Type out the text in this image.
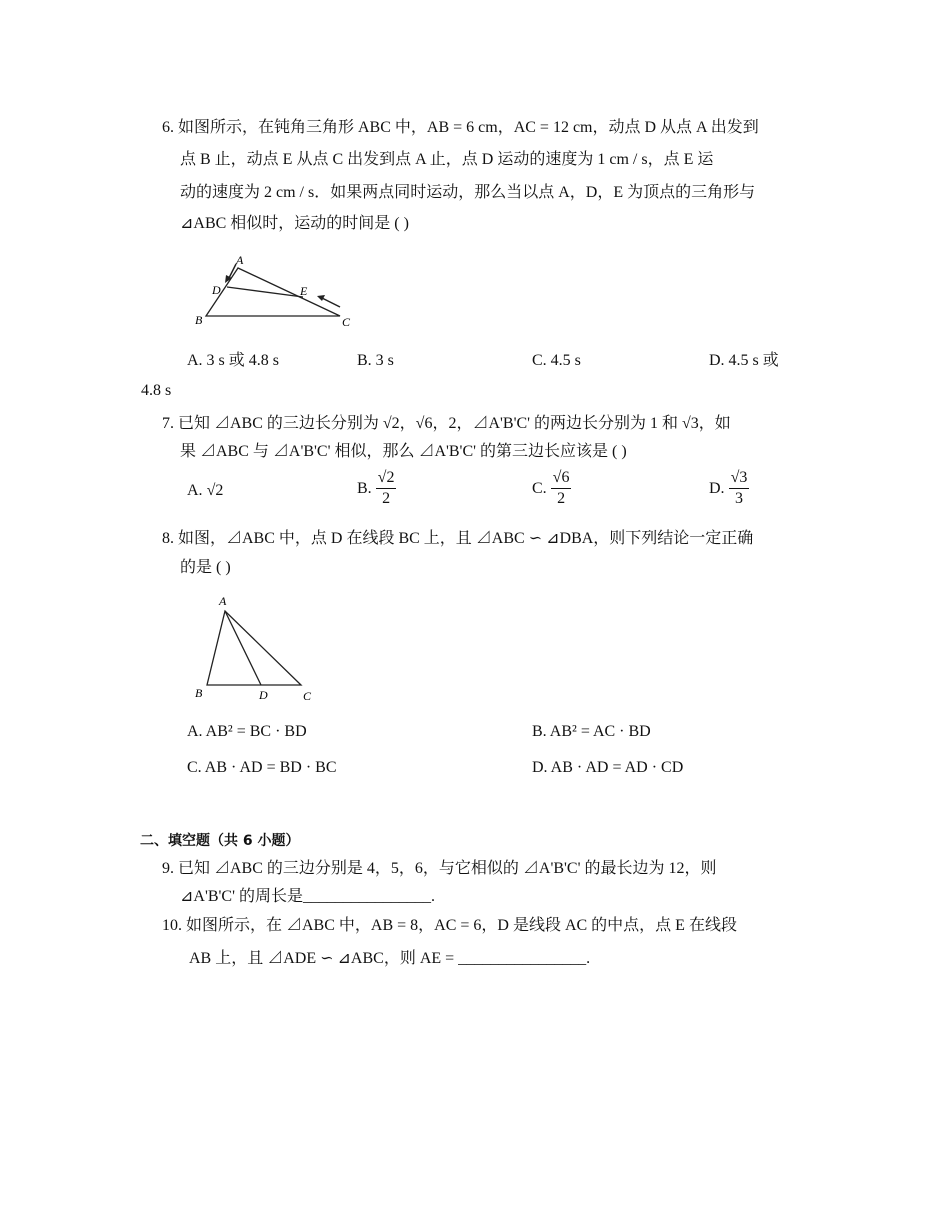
6. 如图所示，在钝角三角形 ABC 中，AB = 6 cm，AC = 12 cm，动点 D 从点 A 出发到
点 B 止，动点 E 从点 C 出发到点 A 止，点 D 运动的速度为 1 cm / s，点 E 运
动的速度为 2 cm / s．如果两点同时运动，那么当以点 A，D，E 为顶点的三角形与
⊿ABC 相似时，运动的时间是 ( )
A
D	E
B	C
A. 3 s 或 4.8 s	B. 3 s	C. 4.5 s	D. 4.5 s 或
4.8 s
7. 已知 ⊿ABC 的三边长分别为 √2，√6，2，⊿A'B'C' 的两边长分别为 1 和 √3，如
果 ⊿ABC 与 ⊿A'B'C' 相似，那么 ⊿A'B'C' 的第三边长应该是 ( )
A. √2	B. $\frac{√2}{2}$	C. $\frac{√6}{2}$	D. $\frac{√3}{3}$
8. 如图，⊿ABC 中，点 D 在线段 BC 上，且 ⊿ABC ∽ ⊿DBA，则下列结论一定正确
的是 ( )
A
B	D	C
A. AB² = BC · BD	B. AB² = AC · BD
C. AB · AD = BD · BC	D. AB · AD = AD · CD
二、填空题（共 6 小题）
9. 已知 ⊿ABC 的三边分别是 4，5，6，与它相似的 ⊿A'B'C' 的最长边为 12，则
⊿A'B'C' 的周长是________________.
10. 如图所示，在 ⊿ABC 中，AB = 8，AC = 6，D 是线段 AC 的中点，点 E 在线段
AB 上，且 ⊿ADE ∽ ⊿ABC，则 AE = ________________.
